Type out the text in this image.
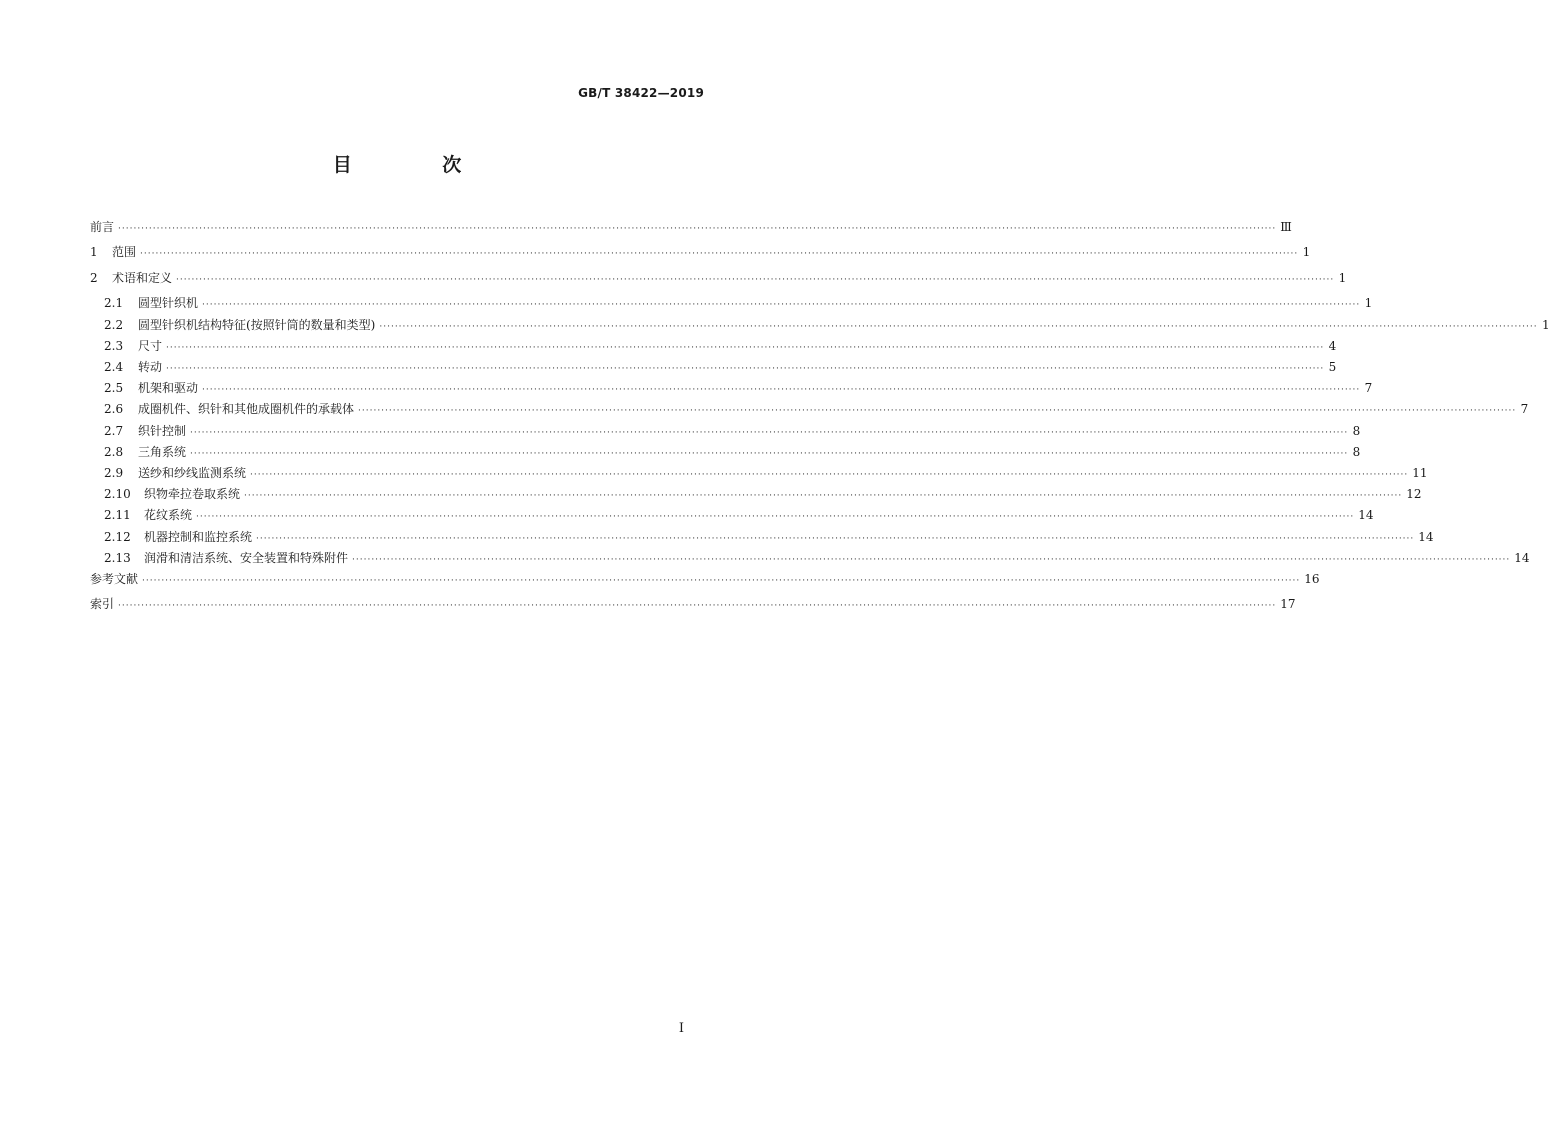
GB/T 38422—2019
目 次
前言 ············································································································································································································································································································ Ⅲ
1	范围 ············································································································································································································································································································ 1
2	术语和定义 ············································································································································································································································································································ 1
2.1	圆型针织机 ············································································································································································································································································································ 1
2.2	圆型针织机结构特征(按照针筒的数量和类型) ············································································································································································································································································································ 1
2.3	尺寸 ············································································································································································································································································································ 4
2.4	转动 ············································································································································································································································································································ 5
2.5	机架和驱动 ············································································································································································································································································································ 7
2.6	成圈机件、织针和其他成圈机件的承载体 ············································································································································································································································································································ 7
2.7	织针控制 ············································································································································································································································································································ 8
2.8	三角系统 ············································································································································································································································································································ 8
2.9	送纱和纱线监测系统 ············································································································································································································································································································ 11
2.10	织物牵拉卷取系统 ············································································································································································································································································································ 12
2.11	花纹系统 ············································································································································································································································································································ 14
2.12	机器控制和监控系统 ············································································································································································································································································································ 14
2.13	润滑和清洁系统、安全装置和特殊附件 ············································································································································································································································································································ 14
参考文献 ············································································································································································································································································································ 16
索引 ············································································································································································································································································································ 17
I
